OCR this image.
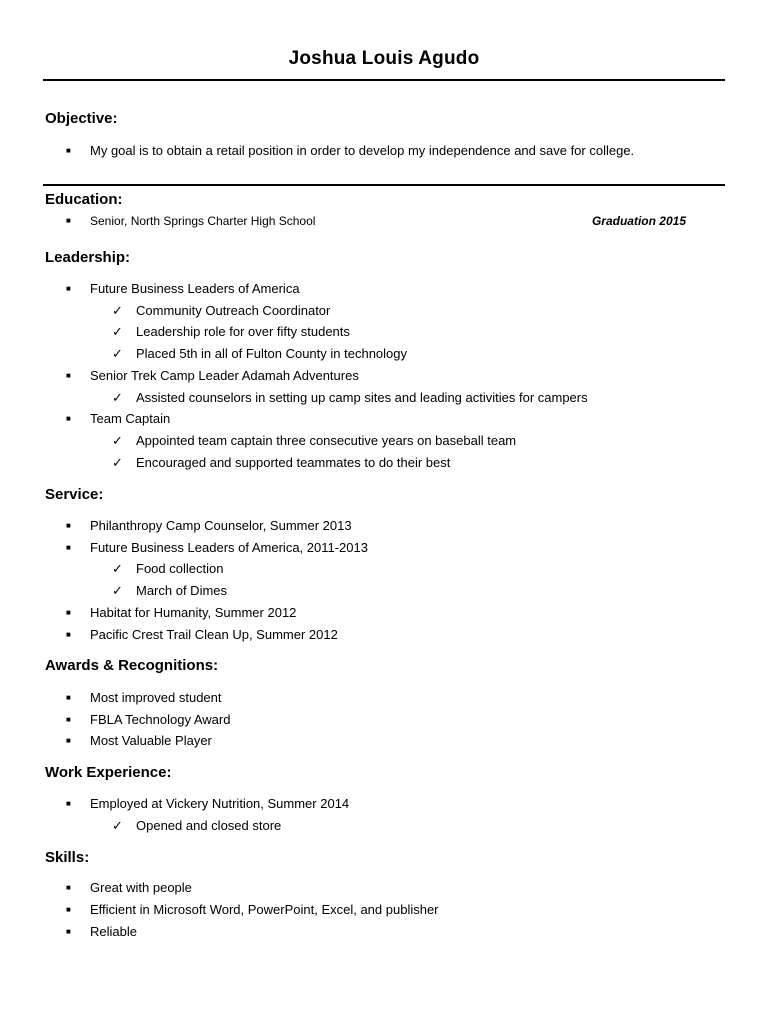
Joshua Louis Agudo
Objective:
■ My goal is to obtain a retail position in order to develop my independence and save for college.
Education:
■ Senior, North Springs Charter High School	Graduation 2015
Leadership:
■ Future Business Leaders of America
✓ Community Outreach Coordinator
✓ Leadership role for over fifty students
✓ Placed 5th in all of Fulton County in technology
■ Senior Trek Camp Leader Adamah Adventures
✓ Assisted counselors in setting up camp sites and leading activities for campers
■ Team Captain
✓ Appointed team captain three consecutive years on baseball team
✓ Encouraged and supported teammates to do their best
Service:
■ Philanthropy Camp Counselor, Summer 2013
■ Future Business Leaders of America, 2011-2013
✓ Food collection
✓ March of Dimes
■ Habitat for Humanity, Summer 2012
■ Pacific Crest Trail Clean Up, Summer 2012
Awards & Recognitions:
■ Most improved student
■ FBLA Technology Award
■ Most Valuable Player
Work Experience:
■ Employed at Vickery Nutrition, Summer 2014
✓ Opened and closed store
Skills:
■ Great with people
■ Efficient in Microsoft Word, PowerPoint, Excel, and publisher
■ Reliable
